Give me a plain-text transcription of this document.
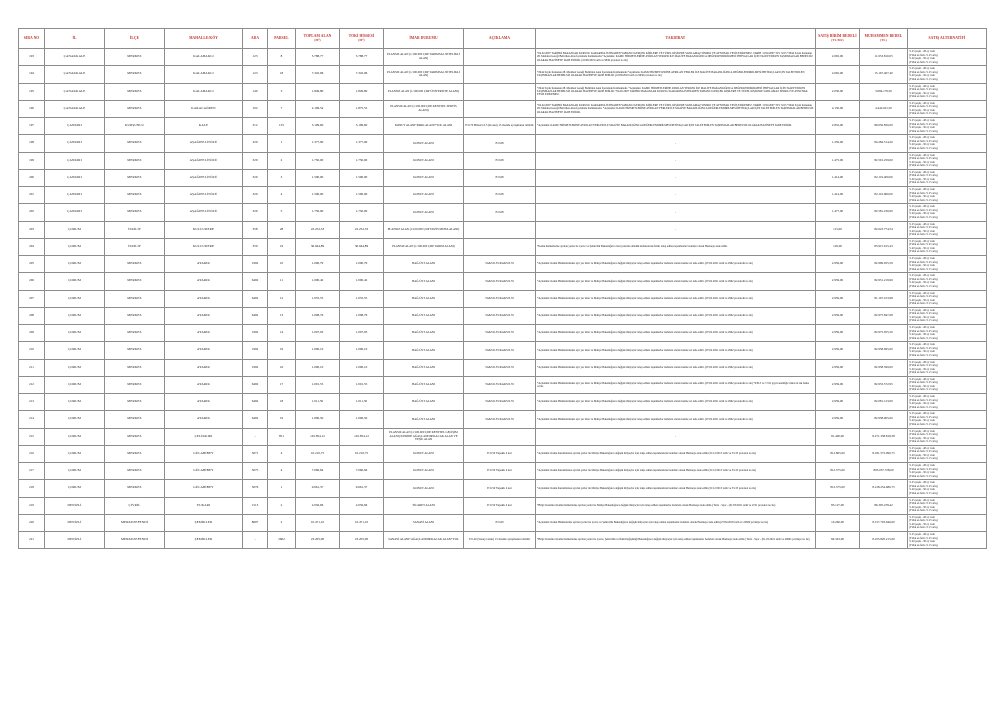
SIRA NO	İL	İLÇE	MAHALLE/KÖY	ADA	PARSEL	TOPLAM ALAN
(M²)	TOKİ HİSSESİ
(M²)	İMAR DURUMU	AÇIKLAMA	TAKDİRAT	SATIŞ BİRİM BEDELİ
(TL/M2)	MUHAMMEN BEDEL
(TL)	SATIŞ ALTERNATİFİ
193	ÇANAKKALE	MERKEZ	KALABAKLI	123	8	5.788,77	5.788,77	PLANSIZ ALAN (1/100.000 ÇDP TARIMSAL NİTELİKLİ ALAN)		*04.02.2007 TARİHLİ BAKANLAR KURULU KARARINA İSTİNADEN YABANCI GERÇEK KİŞİLERE VE TÜZEL KİŞİLERE SATILAMAZ SİNIRLI VE AYNI HAK TESİS EDİLEMEZ. TARİH : 6/04/2007 TLV 3215 *2944 Sayılı Kanunun 28. Maddesi Gereği Belirtilen Alan İçerisinde Kalmaktadır.*Açıklama: KAMU HİZMETLERİNE AYRILAN YERLER İLE MALİYE BAKANLIĞINCA DEĞERLENDİRİLMESİ İHTİYAÇLAR İÇİN TALEP EDİLEN TAŞINMAZLAR BEDELSİZ OLARAK HAZİNEYE İADE EDİLİR. (10/06/2019 tarih ve 9636 protokol no ile)	2.065,00	11.953.810,05	
% 25 peşin - 48 ay vade
(Yıllık en fazla % 25 artış)
% 40 peşin - 36 ay vade
(Yıllık en fazla % 15 artış)

194	ÇANAKKALE	MERKEZ	KALABAKLI	123	18	7.345,96	7.345,96	PLANSIZ ALAN (1/100.000 ÇDP TARIMSAL NİTELİKLİ ALAN)		*2944 Sayılı Kanunun 28. Maddesi Gereği Belirtilen Alan İçerisinde Kalmaktadır.*Açıklama: KAMU HİZMETLERİNE AYRILAN YERLER İLE MALİYE BAKANLIĞINCA DEĞERLENDİRİLMESİ İHTİYAÇLAR İÇİN TALEP EDİLEN TAŞINMAZLAR BEDELSİZ OLARAK HAZİNEYE İADE EDİLİR. (10/06/2019 tarih ve 9636 protokol no ile)	2.065,00	15.167.407,40	
% 25 peşin - 48 ay vade
(Yıllık en fazla % 25 artış)
% 40 peşin - 36 ay vade
(Yıllık en fazla % 15 artış)

195	ÇANAKKALE	MERKEZ	KALABAKLI	140	3	1.849,80	1.849,80	PLANSIZ ALAN (1/100.000 ÇDP ÜNİVERSİTE ALANI)		*2944 Sayılı Kanunun 28. Maddesi Gereği Belirtilen Alan İçerisinde Kalmaktadır. *Açıklama: KAMU HİZMETLERİNE AYRILAN YERLER İLE MALİYE BAKANLIĞINCA DEĞERLENDİRİLMESİ İHTİYAÇLAR İÇİN TALEP EDİLEN TAŞINMAZLAR BEDELSİZ OLARAK HAZİNEYE İADE EDİLİR. *04.02.2007 TARİHLİ BAKANLAR KURULU KARARINA İSTİNADEN YABANCI GERÇEK KİŞİLERE VE TÜZEL KİŞİLERE SATILAMAZ SINIRLI VE AYNI HAK TESİS EDİLEMEZ.	2.030,00	3.084.179,50	
% 25 peşin - 48 ay vade
(Yıllık en fazla % 25 artış)
% 40 peşin - 36 ay vade
(Yıllık en fazla % 15 artış)

196	ÇANAKKALE	MERKEZ	KARACAÖREN	102	7	2.199,54	1.875,55	PLANSIZ ALAN (1/100.000 ÇDP KENTSEL SERVİS ALANI)		*04.02.2007 TARİHLİ BAKANLAR KURULU KARARINA İSTİNADEN YABANCI GERÇEK KİŞİLERE VE TÜZEL KİŞİLERE SATILAMAZ SINIRLI VE AYNI HAK TESİS EDİLEMEZ. TARİH : 6/04/2007 TLV 3215 *2944 Sayılı Kanunun 28. Maddesi Gereği Belirtilen Alan İçerisinde Kalmaktadır. *Açıklama: KAMU HİZMETLERİNE AYRILAN YERLER İLE MALİYE BAKANLIĞINCA DEĞERLENDİRİLMESİ İHTİYAÇLAR İÇİN TALEP EDİLEN TAŞINMAZLAR BEDELSİZ OLARAK HAZİNEYE İADE EDİLİR.	4.130,00	4.442.021,50	
% 25 peşin - 48 ay vade
(Yıllık en fazla % 25 artış)
% 40 peşin - 36 ay vade
(Yıllık en fazla % 15 artış)

197	ÇANKIRI	KURŞUNLU	KALE	312	135	3.199,60	3.199,60	KONUT ALANI+PARK ALANI+YOL ALANI	E:0.70 Hmax:12.5 (Konut) 15 madde ayrışmanın tabiidir	*Açıklama: KAMU HİZMETLERİNE AYRILAN YERLER İLE MALİYE BAKANLIĞINCA DEĞERLENDİRİLMESİ İHTİYAÇLAR İÇİN TALEP EDİLEN TAŞINMAZLAR BEDELSİZ OLARAK HAZİNEYE İADE EDİLİR.	2.832,00	89.056.856,00	% 25 peşin - 48 ay vade
(Yıllık en fazla % 25 artış)
% 40 peşin - 36 ay vade
(Yıllık en fazla % 15 artış)

198	ÇANKIRI	MERKEZ	AŞAĞIPELİTÖZÜ	329	1	1.377,90	1.377,90	KONUT ALANI	E:0.68	-	1.250,00	84.284.514,20	% 25 peşin - 48 ay vade
(Yıllık en fazla % 25 artış)
% 40 peşin - 36 ay vade
(Yıllık en fazla % 15 artış)

199	ÇANKIRI	MERKEZ	AŞAĞIPELİTÖZÜ	329	2	1.750,00	1.750,00	KONUT ALANI	E:0.68	-	1.475,00	82.591.259,00	% 25 peşin - 48 ay vade
(Yıllık en fazla % 25 artış)
% 40 peşin - 36 ay vade
(Yıllık en fazla % 15 artış)

200	ÇANKIRI	MERKEZ	AŞAĞIPELİTÖZÜ	329	3	1.500,00	1.500,00	KONUT ALANI	E:0.68	-	1.414,00	82.119.400,00	% 25 peşin - 48 ay vade
(Yıllık en fazla % 25 artış)
% 40 peşin - 36 ay vade
(Yıllık en fazla % 15 artış)

201	ÇANKIRI	MERKEZ	AŞAĞIPELİTÖZÜ	329	4	1.500,00	1.500,00	KONUT ALANI	E:0.68	-	1.414,00	82.116.900,00	% 25 peşin - 48 ay vade
(Yıllık en fazla % 25 artış)
% 40 peşin - 36 ay vade
(Yıllık en fazla % 15 artış)

202	ÇANKIRI	MERKEZ	AŞAĞIPELİTÖZÜ	329	5	1.750,00	1.750,00	KONUT ALANI	E:0.68	-	1.477,00	82.581.230,00	% 25 peşin - 48 ay vade
(Yıllık en fazla % 25 artış)
% 40 peşin - 36 ay vade
(Yıllık en fazla % 15 artış)

203	ÇORUM	İSKİLİP	KULCUDERE	358	28	22.252,33	22.252,33	PLANSIZ ALAN (1/100.000 ÇDP TAVİN MUHA ALANI)		-	115,00	82.623.774,54	% 25 peşin - 48 ay vade
(Yıllık en fazla % 25 artış)
% 40 peşin - 36 ay vade
(Yıllık en fazla % 15 artış)

204	ÇORUM	İSKİLİP	KULCUDERE	359	19	30.944,89	30.944,89	PLANSIZ ALAN (1/100.000 ÇDP TARIM ALANI)		*Kamu hizmetlerine ayrılan yerler ile Çevre ve Şehircilik Bakanlığınca ileri yatırıma döndük kullanılacak İzmir talep edilen taşınmazlar bedelsiz olarak Hazineye iade edilir.	129,00	83.915.915,43	% 25 peşin - 48 ay vade
(Yıllık en fazla % 25 artış)
% 40 peşin - 36 ay vade
(Yıllık en fazla % 15 artış)

205	ÇORUM	MERKEZ	AYARIK	1992	10	1.000,79	1.000,79	BAĞ-ÜST ALANI	TAKS:0.35/KAKS:0.35	*Açıklama: Kamu Hizmetlerinden ayrı yer imar ve Maliye Bakanlığınca değişik ihtiyaçlar talep edilen taşınmazlar bedelsiz olarak hazine ret iade edilir. (07.02.2021 tarih ve 2962 protokolü no ile)	2.959,00	82.999.055,59	% 25 peşin - 48 ay vade
(Yıllık en fazla % 25 artış)
% 40 peşin - 36 ay vade
(Yıllık en fazla % 15 artış)

206	ÇORUM	MERKEZ	AYARIK	6492	11	1.000,42	1.000,42	BAĞ-ÜST ALANI	TAKS:0.35/KAKS:0.35	*Açıklama: Kamu Hizmetlerinden ayrı yer imar ve Maliye Bakanlığınca değişik ihtiyaçlar talep edilen taşınmazlar bedelsiz olarak hazine ret iade edilir. (07.02.2021 tarih ve 2962 protokolü no ile)	2.959,00	82.951.219,90	% 25 peşin - 48 ay vade
(Yıllık en fazla % 25 artış)
% 40 peşin - 36 ay vade
(Yıllık en fazla % 15 artış)

207	ÇORUM	MERKEZ	AYARIK	6492	12	1.055,55	1.055,55	BAĞ-ÜST ALANI	TAKS:0.35/KAKS:0.35	*Açıklama: Kamu Hizmetlerinden ayrı yer imar ve Maliye Bakanlığınca değişik ihtiyaçlar talep edilen taşınmazlar bedelsiz olarak hazine ret iade edilir. (07.02.2021 tarih ve 2962 protokolü no ile)	2.959,00	81.107.013,98	% 25 peşin - 48 ay vade
(Yıllık en fazla % 25 artış)
% 40 peşin - 36 ay vade
(Yıllık en fazla % 15 artış)

208	ÇORUM	MERKEZ	AYARIK	6492	13	1.008,76	1.008,76	BAĞ-ÜST ALANI	TAKS:0.35/KAKS:0.35	*Açıklama: Kamu Hizmetlerinden ayrı yer imar ve Maliye Bakanlığınca değişik ihtiyaçlar talep edilen taşınmazlar bedelsiz olarak hazine ret iade edilir. (07.02.2021 tarih ve 2962 protokolü no ile)	2.959,00	82.975.847,08	% 25 peşin - 48 ay vade
(Yıllık en fazla % 25 artış)
% 40 peşin - 36 ay vade
(Yıllık en fazla % 15 artış)

209	ÇORUM	MERKEZ	AYARIK	1992	14	1.007,93	1.007,93	BAĞ-ÜST ALANI	TAKS:0.35/KAKS:0.35	*Açıklama: Kamu Hizmetlerinden ayrı yer imar ve Maliye Bakanlığınca değişik ihtiyaçlar talep edilen taşınmazlar bedelsiz olarak hazine ret iade edilir. (07.02.2021 tarih ve 2962 protokolü no ile)	2.959,00	82.975.955,56	% 25 peşin - 48 ay vade
(Yıllık en fazla % 25 artış)
% 40 peşin - 36 ay vade
(Yıllık en fazla % 15 artış)

210	ÇORUM	MERKEZ	AYARIK	1992	19	1.000,10	1.000,10	BAĞ-ÜST ALANI	TAKS:0.35/KAKS:0.35	*Açıklama: Kamu Hizmetlerinden ayrı yer imar ve Maliye Bakanlığınca değişik ihtiyaçlar talep edilen taşınmazlar bedelsiz olarak hazine ret iade edilir. (07.02.2021 tarih ve 2962 protokolü no ile)	2.959,00	82.958.695,00	% 25 peşin - 48 ay vade
(Yıllık en fazla % 25 artış)
% 40 peşin - 36 ay vade
(Yıllık en fazla % 15 artış)

211	ÇORUM	MERKEZ	AYARIK	1992	16	1.000,10	1.000,10	BAĞ-ÜST ALANI	TAKS:0.35/KAKS:0.35	*Açıklama: Kamu Hizmetlerinden ayrı yer imar ve Maliye Bakanlığınca değişik ihtiyaçlar talep edilen taşınmazlar bedelsiz olarak hazine ret iade edilir. (07.02.2021 tarih ve 2962 protokolü no ile)	2.959,00	82.958.599,00	% 25 peşin - 48 ay vade
(Yıllık en fazla % 25 artış)
% 40 peşin - 36 ay vade
(Yıllık en fazla % 15 artış)

212	ÇORUM	MERKEZ	AYARIK	6492	17	1.001,55	1.001,55	BAĞ-ÜST ALANI	TAKS:0.35/KAKS:0.35	*Açıklama: Kamu Hizmetlerinden ayrı yer imar ve Maliye Bakanlığınca değişik ihtiyaçlar talep edilen taşınmazlar bedelsiz olarak hazine ret iade edilir. (07.02.2021 tarih ve 2962 protokolü no ile) *4/B-3 ve 7.T.K gayri analitiğiz idarai in lak halka cevin.	2.959,00	82.953.572,95	
% 25 peşin - 48 ay vade
(Yıllık en fazla % 25 artış)
% 40 peşin - 36 ay vade
(Yıllık en fazla % 15 artış)

213	ÇORUM	MERKEZ	AYARIK	6492	18	1.011,50	1.011,50	BAĞ-ÜST ALANI	TAKS:0.35/KAKS:0.35	*Açıklama: Kamu Hizmetlerinden ayrı yer imar ve Maliye Bakanlığınca değişik ihtiyaçlar talep edilen taşınmazlar bedelsiz olarak hazine ret iade edilir. (07.02.2021 tarih ve 2962 protokolü no ile)	2.959,00	82.081.123,00	% 25 peşin - 48 ay vade
(Yıllık en fazla % 25 artış)
% 40 peşin - 36 ay vade
(Yıllık en fazla % 15 artış)

214	ÇORUM	MERKEZ	AYARIK	6492	19	1.000,50	1.000,50	BAĞ-ÜST ALANI	TAKS:0.35/KAKS:0.35	*Açıklama: Kamu Hizmetlerinden ayrı yer imar ve Maliye Bakanlığınca değişik ihtiyaçlar talep edilen taşınmazlar bedelsiz olarak hazine ret iade edilir. (07.02.2021 tarih ve 2962 protokolü no ile)	2.959,00	82.958.005,00	% 25 peşin - 48 ay vade
(Yıllık en fazla % 25 artış)
% 40 peşin - 36 ay vade
(Yıllık en fazla % 15 artış)

215	ÇORUM	MERKEZ	ÇELİKKIRI	-	851	145.854,12	145.854,12	PLANSIZ ALAN (1/100.000 ÇDP KENTSEL GELİŞİM ALANI) İLERİDE AĞAÇLANDIRILACAK ALAN VE YEŞİL ALAN		-	81.400,00	8.271.338.818,38	% 25 peşin - 48 ay vade
(Yıllık en fazla % 25 artış)
% 40 peşin - 36 ay vade
(Yıllık en fazla % 15 artış)

216	ÇORUM	MERKEZ	GÜLABİBEY	5071	4	10.210,75	10.210,75	KONUT ALANI	E:0.50 Yapaklı 4 kat	*Açıklama: Kamu Kurumlarına ayrılan yerler ile Maliye Bakanlığınca değişik ihtiyaçlar için talep edilen taşınmazların bedelsiz olarak Hazineye iade edilir.(31/12/2013 tarih ve 33-35 protokol no ile)	812.865,00	8.181.572.090,75	% 25 peşin - 48 ay vade
(Yıllık en fazla % 25 artış)
% 40 peşin - 36 ay vade
(Yıllık en fazla % 15 artış)

217	ÇORUM	MERKEZ	GÜLABİBEY	5075	4	7.060,84	7.060,84	KONUT ALANI	E:0.50 Yapaklı 4 kat	*Açıklama: Kamu Kurumlarına ayrılan yerler ile Maliye Bakanlığınca değişik ihtiyaçlar için talep edilen taşınmazların bedelsiz olarak Hazineye iade edilir.(31/12/2013 tarih ve 33-35 protokol no ile)	812.375,00	895.037.728,00	% 25 peşin - 48 ay vade
(Yıllık en fazla % 25 artış)
% 40 peşin - 36 ay vade
(Yıllık en fazla % 15 artış)

218	ÇORUM	MERKEZ	GÜLABİBEY	5076	1	9.661,37	9.661,37	KONUT ALANI	E:0.50 Yapaklı 4 kat	*Açıklama: Kamu Kurumlarına ayrılan yerler ile Maliye Bakanlığınca değişik ihtiyaçlar için talep edilen taşınmazların bedelsiz olarak Hazineye iade edilir.(31/12/2013 tarih ve 33-35 protokol no ile)	812.375,00	8.128.254.686,75	% 25 peşin - 48 ay vade
(Yıllık en fazla % 25 artış)
% 40 peşin - 36 ay vade
(Yıllık en fazla % 15 artış)

219	DENİZLİ	ÇİVRİL	YUKARI	1513	2	2.056,66	2.056,66	TİCARET ALANI	E:0.50 Yapaklı 4 kat	*Bilgi: Kurumca Kamu hizmetlerine ayrılan yerler ile Maliye Bakanlığınca değişik ihtiyaçlar için talep edilen taşınmazlar bedelsiz olarak Hazineye iade edilir.( Tarla - Spor - (01/03/2021 tarih ve 4721 protokol no ile)	83.127,00	86.305.478,42	
% 25 peşin - 48 ay vade
(Yıllık en fazla % 25 artış)
% 40 peşin - 36 ay vade
(Yıllık en fazla % 15 artış)

220	DENİZLİ	MERKEZEFENDİ	ŞEMİKLER	8697	2	10.471,10	10.471,10	SANAYİ ALANI	E:0.60	*Açıklama: Kamu Hizmetlerine ayrılan yerler ile Çevre ve Şehircilik Bakanlığınca değişik ihtiyaçlar için talep edilen taşınmazlar bedelsiz olarak Hazineye iade edilir.(27/04/2018 tarih ve 22820 yevmiye no ile)	10.260,00	8.157.703.946,00	
% 25 peşin - 48 ay vade
(Yıllık en fazla % 25 artış)
% 40 peşin - 36 ay vade
(Yıllık en fazla % 15 artış)

221	DENİZLİ	MERKEZEFENDİ	ŞEMİKLER	-	2602	23.205,00	23.205,00	SANAYİ ALANI+AĞAÇLANDIRILACAK ALAN+YOL	T:0.40 (Sanayi alanı) 15 madde ayrışmanın tabiidir	*Bilgi: Kurumca Kamu hizmetlerine ayrılan yerler ile Çevre, Şehircilik ve İkim Değişikliği Bakanlığınca değişik ihtiyaçlar için talep edilen taşınmazlar bedelsiz olarak Hazineye iade edilir.( Tarla - Spor - (01.03.2021 tarih ve 40691 yevmiye no ile)	84.343,00	8.105.820.215,00	
% 25 peşin - 48 ay vade
(Yıllık en fazla % 25 artış)
% 40 peşin - 36 ay vade
(Yıllık en fazla % 15 artış)
